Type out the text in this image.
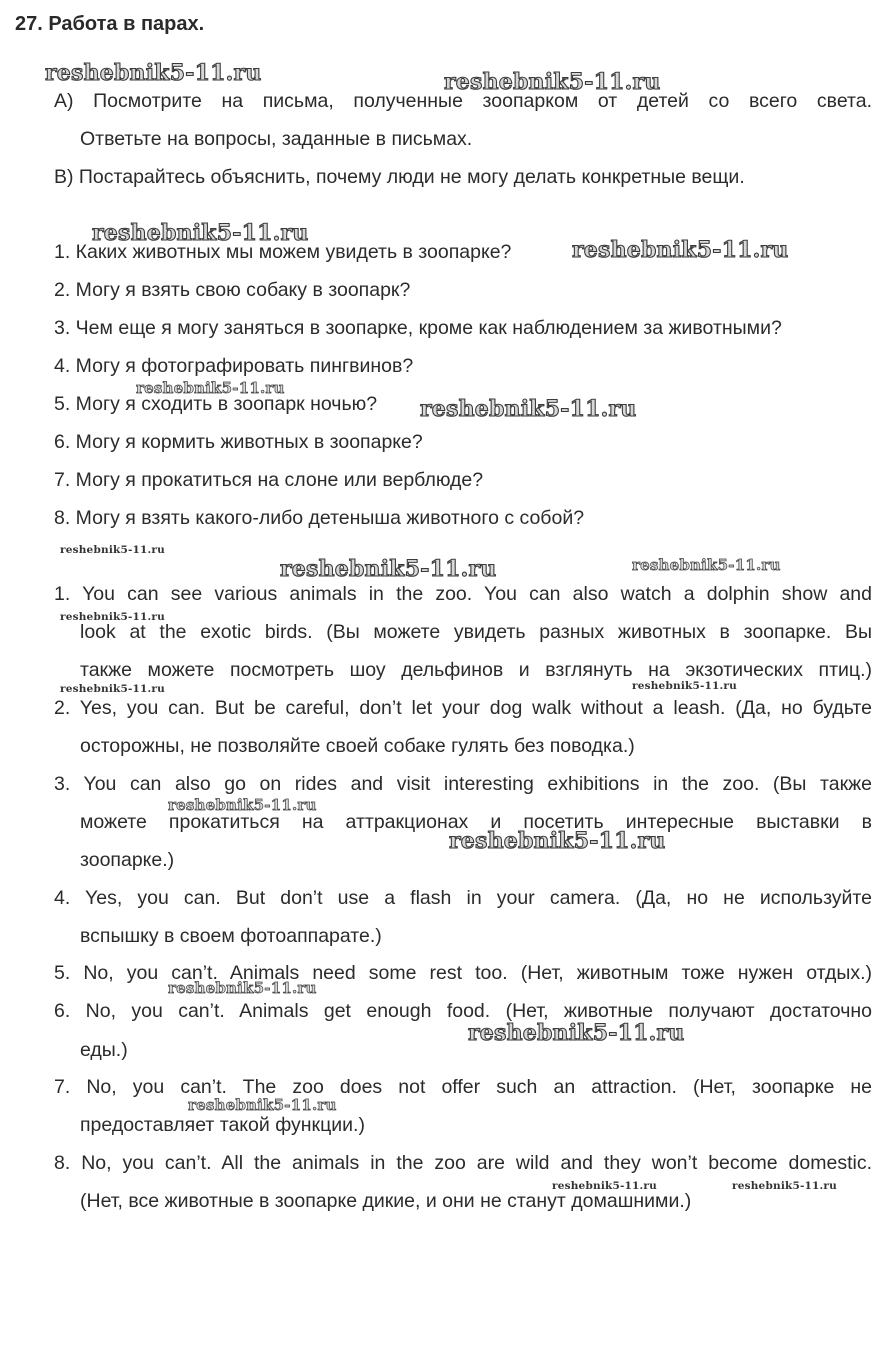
27. Работа в парах.
А) Посмотрите на письма, полученные зоопарком от детей со всего света.
Ответьте на вопросы, заданные в письмах.
В) Постарайтесь объяснить, почему люди не могу делать конкретные вещи.
1. Каких животных мы можем увидеть в зоопарке?
2. Могу я взять свою собаку в зоопарк?
3. Чем еще я могу заняться в зоопарке, кроме как наблюдением за животными?
4. Могу я фотографировать пингвинов?
5. Могу я сходить в зоопарк ночью?
6. Могу я кормить животных в зоопарке?
7. Могу я прокатиться на слоне или верблюде?
8. Могу я взять какого-либо детеныша животного с собой?
1. You can see various animals in the zoo. You can also watch a dolphin show and
look at the exotic birds. (Вы можете увидеть разных животных в зоопарке. Вы
также можете посмотреть шоу дельфинов и взглянуть на экзотических птиц.)
2. Yes, you can. But be careful, don’t let your dog walk without a leash. (Да, но будьте
осторожны, не позволяйте своей собаке гулять без поводка.)
3. You can also go on rides and visit interesting exhibitions in the zoo. (Вы также
можете прокатиться на аттракционах и посетить интересные выставки в
зоопарке.)
4. Yes, you can. But don’t use a flash in your camera. (Да, но не используйте
вспышку в своем фотоаппарате.)
5. No, you can’t. Animals need some rest too. (Нет, животным тоже нужен отдых.)
6. No, you can’t. Animals get enough food. (Нет, животные получают достаточно
еды.)
7. No, you can’t. The zoo does not offer such an attraction. (Нет, зоопарке не
предоставляет такой функции.)
8. No, you can’t. All the animals in the zoo are wild and they won’t become domestic.
(Нет, все животные в зоопарке дикие, и они не станут домашними.)
reshebnik5-11.ru	reshebnik5-11.ru
reshebnik5-11.ru
reshebnik5-11.ru
reshebnik5-11.ru
reshebnik5-11.ru
reshebnik5-11.ru
reshebnik5-11.ru	reshebnik5-11.ru
reshebnik5-11.ru
reshebnik5-11.ru	reshebnik5-11.ru
reshebnik5-11.ru
reshebnik5-11.ru
reshebnik5-11.ru
reshebnik5-11.ru
reshebnik5-11.ru
reshebnik5-11.ru	reshebnik5-11.ru
